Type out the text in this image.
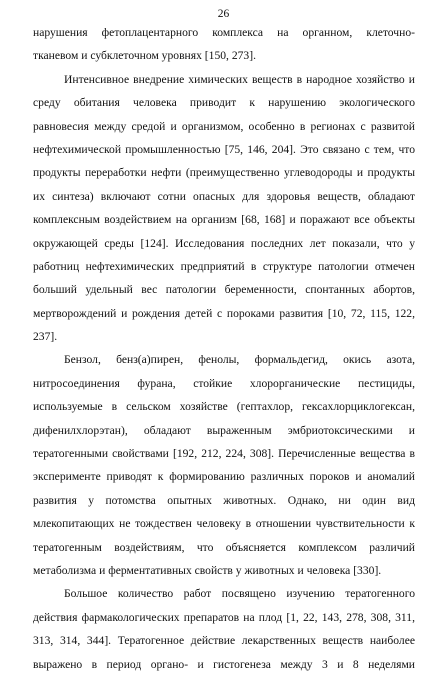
26
нарушения фетоплацентарного комплекса на органном, клеточно-
тканевом и субклеточном уровнях [150, 273].
Интенсивное внедрение химических веществ в народное хозяйство и
среду обитания человека приводит к нарушению экологического
равновесия между средой и организмом, особенно в регионах с развитой
нефтехимической промышленностью [75, 146, 204]. Это связано с тем, что
продукты переработки нефти (преимущественно углеводороды и продукты
их синтеза) включают сотни опасных для здоровья веществ, обладают
комплексным воздействием на организм [68, 168] и поражают все объекты
окружающей среды [124]. Исследования последних лет показали, что у
работниц нефтехимических предприятий в структуре патологии отмечен
больший удельный вес патологии беременности, спонтанных абортов,
мертворождений и рождения детей с пороками развития [10, 72, 115, 122,
237].
Бензол, бенз(а)пирен, фенолы, формальдегид, окись азота,
нитросоединения фурана, стойкие хлорорганические пестициды,
используемые в сельском хозяйстве (гептахлор, гексахлорциклогексан,
дифенилхлорэтан), обладают выраженным эмбриотоксическими и
тератогенными свойствами [192, 212, 224, 308]. Перечисленные вещества в
эксперименте приводят к формированию различных пороков и аномалий
развития у потомства опытных животных. Однако, ни один вид
млекопитающих не тождествен человеку в отношении чувствительности к
тератогенным воздействиям, что объясняется комплексом различий
метаболизма и ферментативных свойств у животных и человека [330].
Большое количество работ посвящено изучению тератогенного
действия фармакологических препаратов на плод [1, 22, 143, 278, 308, 311,
313, 314, 344]. Тератогенное действие лекарственных веществ наиболее
выражено в период органо- и гистогенеза между 3 и 8 неделями
